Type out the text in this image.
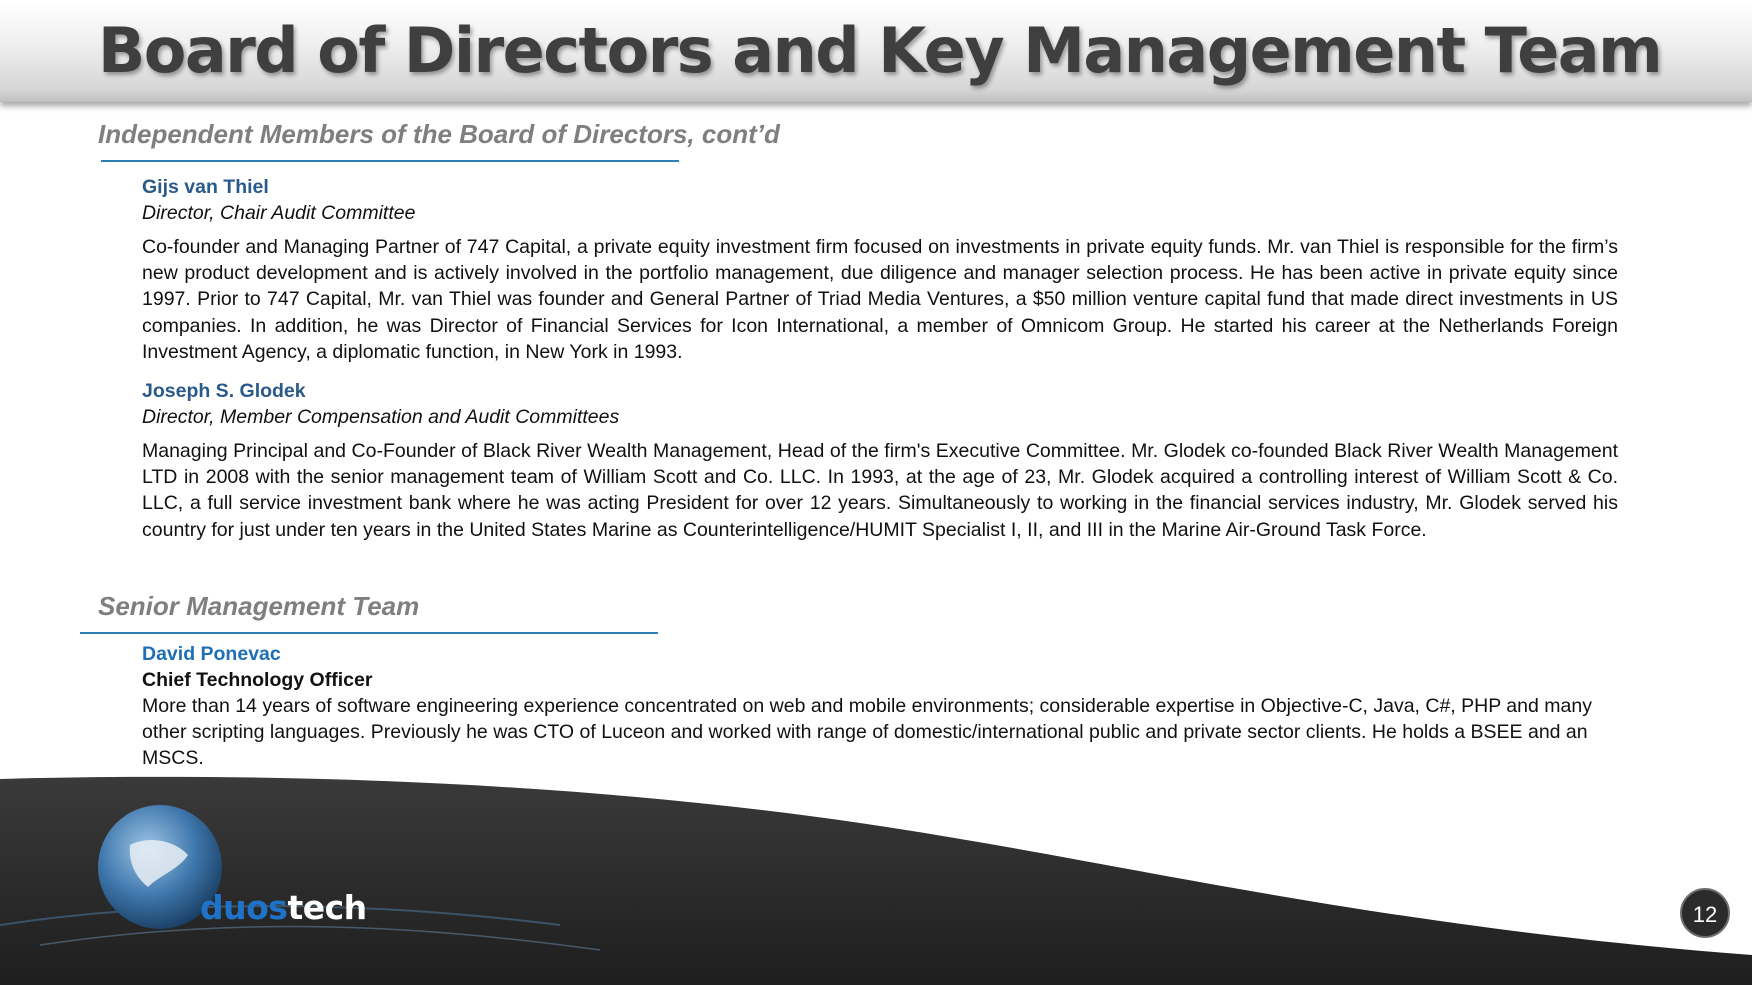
Board of Directors and Key Management Team
Independent Members of the Board of Directors, cont’d
Gijs van Thiel
Director, Chair Audit Committee

Co-founder and Managing Partner of 747 Capital, a private equity investment firm focused on investments in private equity funds. Mr. van Thiel is responsible for the firm’s new product development and is actively involved in the portfolio management, due diligence and manager selection process. He has been active in private equity since 1997. Prior to 747 Capital, Mr. van Thiel was founder and General Partner of Triad Media Ventures, a $50 million venture capital fund that made direct investments in US companies. In addition, he was Director of Financial Services for Icon International, a member of Omnicom Group. He started his career at the Netherlands Foreign Investment Agency, a diplomatic function, in New York in 1993.

Joseph S. Glodek
Director, Member Compensation and Audit Committees

Managing Principal and Co-Founder of Black River Wealth Management, Head of the firm's Executive Committee. Mr. Glodek co-founded Black River Wealth Management LTD in 2008 with the senior management team of William Scott and Co. LLC. In 1993, at the age of 23, Mr. Glodek acquired a controlling interest of William Scott & Co. LLC, a full service investment bank where he was acting President for over 12 years. Simultaneously to working in the financial services industry, Mr. Glodek served his country for just under ten years in the United States Marine as Counterintelligence/HUMIT Specialist I, II, and III in the Marine Air-Ground Task Force.

Senior Management Team
David Ponevac
Chief Technology Officer

More than 14 years of software engineering experience concentrated on web and mobile environments; considerable expertise in Objective-C, Java, C#, PHP and many other scripting languages. Previously he was CTO of Luceon and worked with range of domestic/international public and private sector clients. He holds a BSEE and an MSCS.

duostech	12
